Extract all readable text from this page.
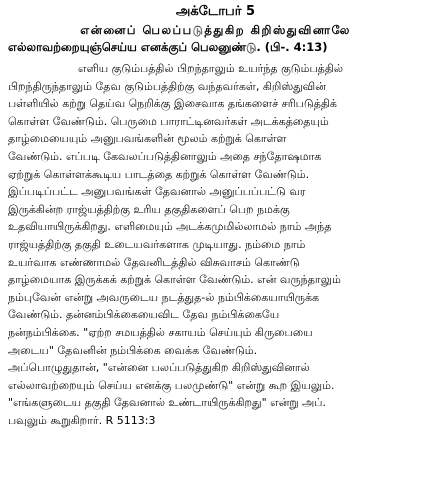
அக்டோபர் 5
என்னைப் பெலப்படுத்துகிற கிறிஸ்துவினாலே
எல்லாவற்றையுஞ்செய்ய எனக்குப் பெலனுண்டு. (பி-. 4:13)
எளிய குடும்பத்தில் பிறந்தாலும் உயர்ந்த குடும்பத்தில்
பிறந்திருந்தாலும் தேவ குடும்பத்திற்கு வந்தவர்கள், கிறிஸ்துவின்
பள்ளியில் கற்று தெய்வ நெறிக்கு இசைவாக தங்களைச் சரிபடுத்திக்
கொள்ள வேண்டும். பெருமை பாராட்டினவர்கள் அடக்கத்தையும்
தாழ்மையையும் அனுபவங்களின் மூலம் கற்றுக் கொள்ள
வேண்டும். எப்படி கேவலப்படுத்தினாலும் அதை சந்தோஷமாக
ஏற்றுக் கொள்ளக்கூடிய பாடத்தை கற்றுக் கொள்ள வேண்டும்.
இப்படிப்பட்ட அனுபவங்கள் தேவனால் அனுப்பப்பட்டு வர
இருக்கின்ற ராஜ்யத்திற்கு உரிய தகுதிகளைப் பெற நமக்கு
உதவியாயிருக்கிறது. எளிமையும் அடக்கமுமில்லாமல் நாம் அந்த
ராஜ்யத்திற்கு தகுதி உடையவர்களாக முடியாது. நம்மை நாம்
உயர்வாக எண்ணாமல் தேவனிடத்தில் விசுவாசம் கொண்டு
தாழ்மையாக இருக்கக் கற்றுக் கொள்ள வேண்டும். என் வருந்தாலும்
நம்புவேன் என்று அவருடைய நடத்துத-ல் நம்பிக்கையாயிருக்க
வேண்டும். தன்னம்பிக்கையைவிட தேவ நம்பிக்கையே
நன்நம்பிக்கை. "ஏற்ற சமயத்தில் சகாயம் செய்யும் கிருபையை
அடைய" தேவனின் நம்பிக்கை வைக்க வேண்டும்.
அப்பொழுதுதான், "என்னை பலப்படுத்துகிற கிறிஸ்துவினால்
எல்லாவற்றையும் செய்ய எனக்கு பலமுண்டு" என்று கூற இயலும்.
"எங்களுடைய தகுதி தேவனால் உண்டாயிருக்கிறது" என்று அப்.
பவுலும் கூறுகிறார். R 5113:3
